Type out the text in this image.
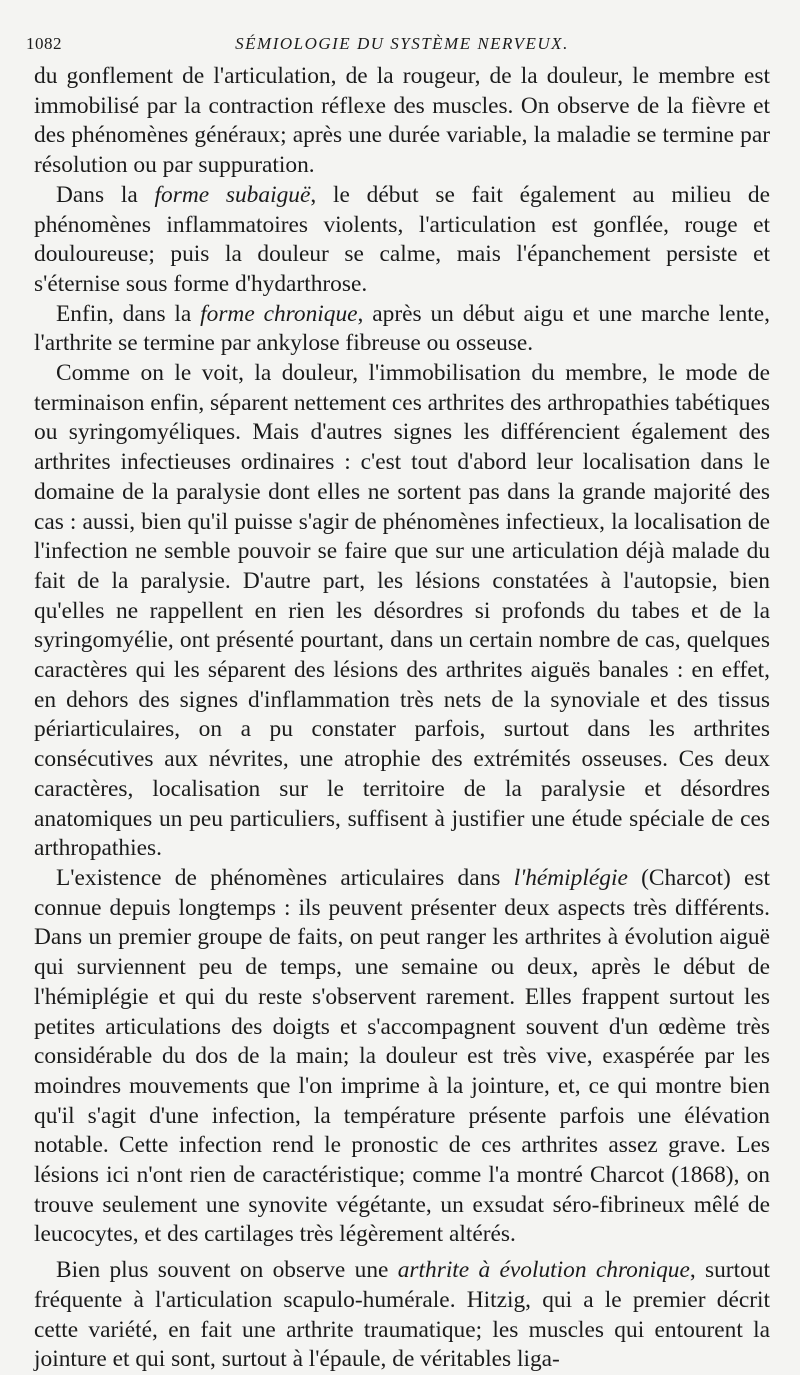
1082	SÉMIOLOGIE DU SYSTÈME NERVEUX.

du gonflement de l'articulation, de la rougeur, de la douleur, le membre est immobilisé par la contraction réflexe des muscles. On observe de la fièvre et des phénomènes généraux; après une durée variable, la maladie se termine par résolution ou par suppuration.

Dans la forme subaiguë, le début se fait également au milieu de phénomènes inflammatoires violents, l'articulation est gonflée, rouge et douloureuse; puis la douleur se calme, mais l'épanchement persiste et s'éternise sous forme d'hydarthrose.

Enfin, dans la forme chronique, après un début aigu et une marche lente, l'arthrite se termine par ankylose fibreuse ou osseuse.

Comme on le voit, la douleur, l'immobilisation du membre, le mode de terminaison enfin, séparent nettement ces arthrites des arthropathies tabétiques ou syringomyéliques. Mais d'autres signes les différencient également des arthrites infectieuses ordinaires : c'est tout d'abord leur localisation dans le domaine de la paralysie dont elles ne sortent pas dans la grande majorité des cas : aussi, bien qu'il puisse s'agir de phénomènes infectieux, la localisation de l'infection ne semble pouvoir se faire que sur une articulation déjà malade du fait de la paralysie. D'autre part, les lésions constatées à l'autopsie, bien qu'elles ne rappellent en rien les désordres si profonds du tabes et de la syringomyélie, ont présenté pourtant, dans un certain nombre de cas, quelques caractères qui les séparent des lésions des arthrites aiguës banales : en effet, en dehors des signes d'inflammation très nets de la synoviale et des tissus périarticulaires, on a pu constater parfois, surtout dans les arthrites consécutives aux névrites, une atrophie des extrémités osseuses. Ces deux caractères, localisation sur le territoire de la paralysie et désordres anatomiques un peu particuliers, suffisent à justifier une étude spéciale de ces arthropathies.

L'existence de phénomènes articulaires dans l'hémiplégie (Charcot) est connue depuis longtemps : ils peuvent présenter deux aspects très différents. Dans un premier groupe de faits, on peut ranger les arthrites à évolution aiguë qui surviennent peu de temps, une semaine ou deux, après le début de l'hémiplégie et qui du reste s'observent rarement. Elles frappent surtout les petites articulations des doigts et s'accompagnent souvent d'un œdème très considérable du dos de la main; la douleur est très vive, exaspérée par les moindres mouvements que l'on imprime à la jointure, et, ce qui montre bien qu'il s'agit d'une infection, la température présente parfois une élévation notable. Cette infection rend le pronostic de ces arthrites assez grave. Les lésions ici n'ont rien de caractéristique; comme l'a montré Charcot (1868), on trouve seulement une synovite végétante, un exsudat séro-fibrineux mêlé de leucocytes, et des cartilages très légèrement altérés.

Bien plus souvent on observe une arthrite à évolution chronique, surtout fréquente à l'articulation scapulo-humérale. Hitzig, qui a le premier décrit cette variété, en fait une arthrite traumatique; les muscles qui entourent la jointure et qui sont, surtout à l'épaule, de véritables liga-
